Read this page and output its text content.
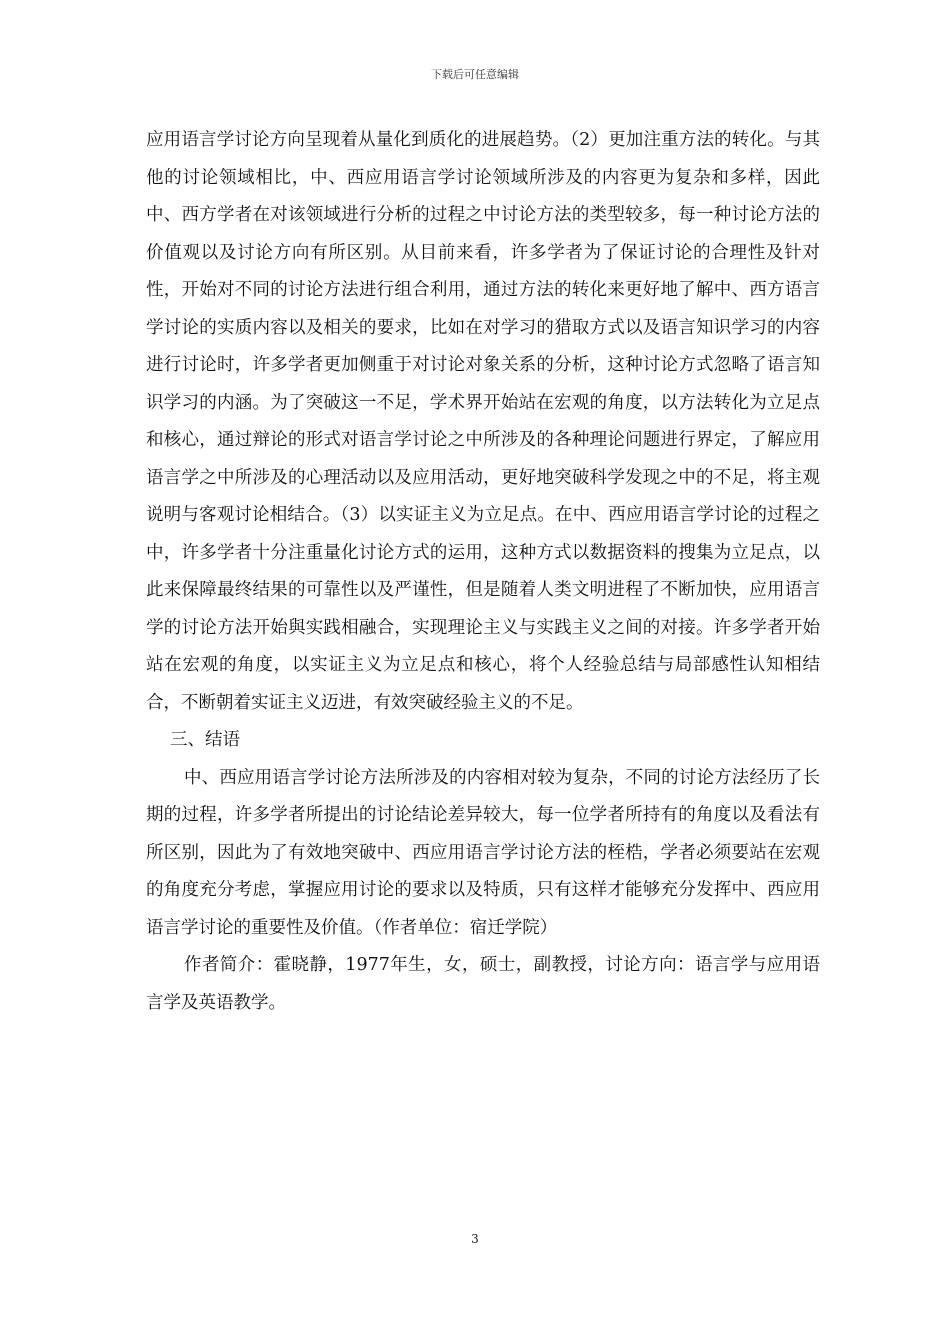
下载后可任意编辑

应用语言学讨论方向呈现着从量化到质化的进展趋势。（2）更加注重方法的转化。与其他的讨论领域相比，中、西应用语言学讨论领域所涉及的内容更为复杂和多样，因此中、西方学者在对该领域进行分析的过程之中讨论方法的类型较多，每一种讨论方法的价值观以及讨论方向有所区别。从目前来看，许多学者为了保证讨论的合理性及针对性，开始对不同的讨论方法进行组合利用，通过方法的转化来更好地了解中、西方语言学讨论的实质内容以及相关的要求，比如在对学习的猎取方式以及语言知识学习的内容进行讨论时，许多学者更加侧重于对讨论对象关系的分析，这种讨论方式忽略了语言知识学习的内涵。为了突破这一不足，学术界开始站在宏观的角度，以方法转化为立足点和核心，通过辩论的形式对语言学讨论之中所涉及的各种理论问题进行界定，了解应用语言学之中所涉及的心理活动以及应用活动，更好地突破科学发现之中的不足，将主观说明与客观讨论相结合。（3）以实证主义为立足点。在中、西应用语言学讨论的过程之中，许多学者十分注重量化讨论方式的运用，这种方式以数据资料的搜集为立足点，以此来保障最终结果的可靠性以及严谨性，但是随着人类文明进程了不断加快，应用语言学的讨论方法开始與实践相融合，实现理论主义与实践主义之间的对接。许多学者开始站在宏观的角度，以实证主义为立足点和核心，将个人经验总结与局部感性认知相结合，不断朝着实证主义迈进，有效突破经验主义的不足。

三、结语

中、西应用语言学讨论方法所涉及的内容相对较为复杂，不同的讨论方法经历了长期的过程，许多学者所提出的讨论结论差异较大，每一位学者所持有的角度以及看法有所区别，因此为了有效地突破中、西应用语言学讨论方法的桎梏，学者必须要站在宏观的角度充分考虑，掌握应用讨论的要求以及特质，只有这样才能够充分发挥中、西应用语言学讨论的重要性及价值。（作者单位：宿迁学院）

作者简介：霍晓静，1977年生，女，硕士，副教授，讨论方向：语言学与应用语言学及英语教学。

3
